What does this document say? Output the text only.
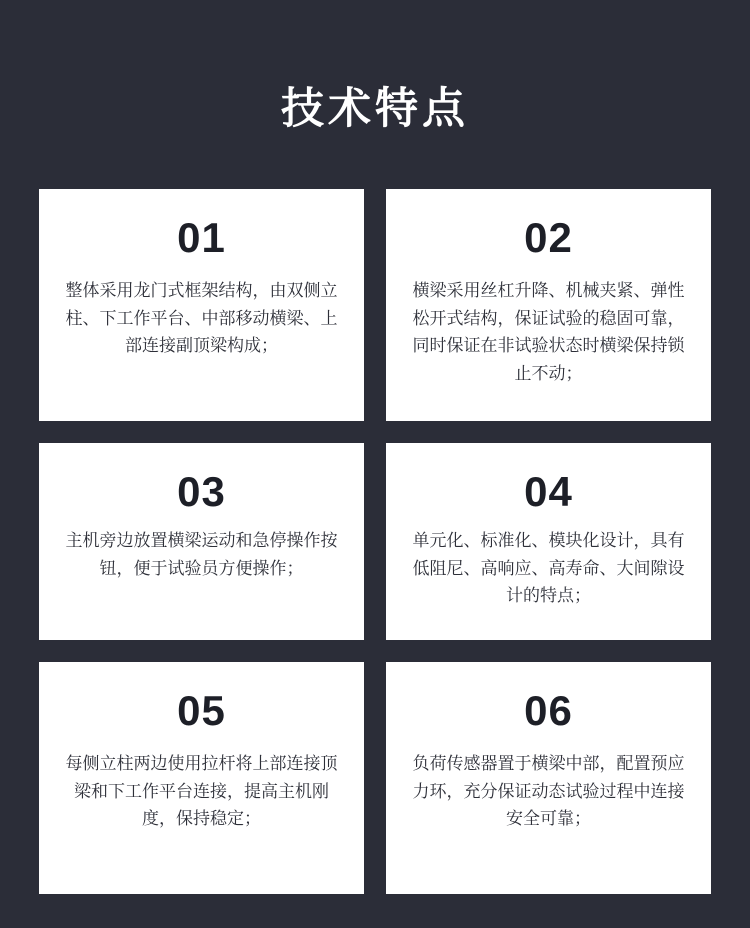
技术特点
01
整体采用龙门式框架结构，由双侧立柱、下工作平台、中部移动横梁、上部连接副顶梁构成；
02
横梁采用丝杠升降、机械夹紧、弹性松开式结构，保证试验的稳固可靠，同时保证在非试验状态时横梁保持锁止不动；
03
主机旁边放置横梁运动和急停操作按钮，便于试验员方便操作；
04
单元化、标准化、模块化设计，具有低阻尼、高响应、高寿命、大间隙设计的特点；
05
每侧立柱两边使用拉杆将上部连接顶梁和下工作平台连接，提高主机刚度，保持稳定；
06
负荷传感器置于横梁中部，配置预应力环，充分保证动态试验过程中连接安全可靠；
